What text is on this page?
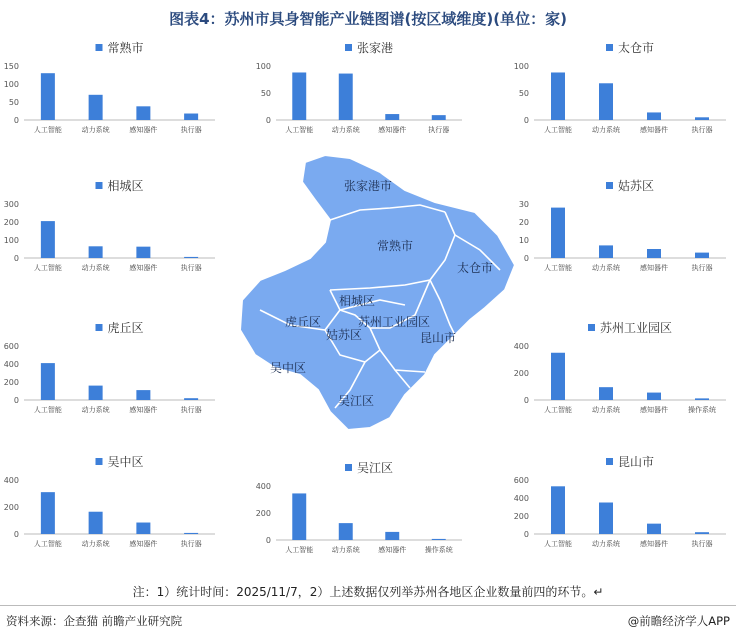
图表4：苏州市具身智能产业链图谱(按区域维度)(单位：家)
常熟市
0
50
100
150
人工智能	动力系统	感知器件	执行器
张家港
0
50
100
人工智能	动力系统	感知器件	执行器
太仓市
0
50
100
人工智能	动力系统	感知器件	执行器
相城区
0
100
200
300
人工智能	动力系统	感知器件	执行器
姑苏区
0
10
20
30
人工智能	动力系统	感知器件	执行器
虎丘区
0
200
400
600
人工智能	动力系统	感知器件	执行器
苏州工业园区
0
200
400
人工智能	动力系统	感知器件	操作系统
吴中区
0
200
400
人工智能	动力系统	感知器件	执行器
吴江区
0
200
400
人工智能	动力系统	感知器件	操作系统
昆山市
0
200
400
600
人工智能	动力系统	感知器件	执行器
张家港市
常熟市
太仓市
相城区
虎丘区
姑苏区
苏州工业园区
昆山市
吴中区
吴江区
注：1）统计时间：2025/11/7，2）上述数据仅列举苏州各地区企业数量前四的环节。↵
资料来源：企查猫 前瞻产业研究院	@前瞻经济学人APP
